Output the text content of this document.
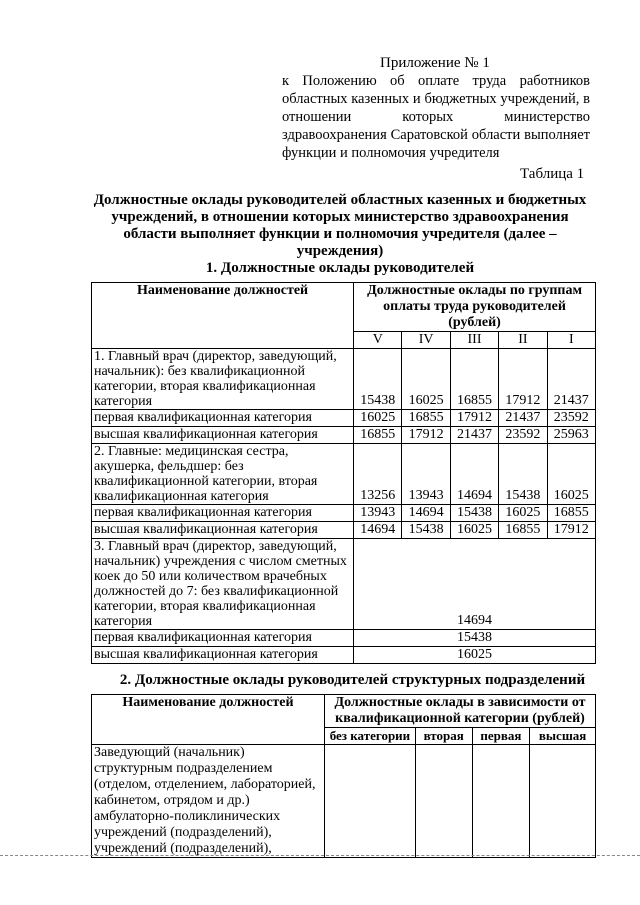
Приложение № 1
к Положению об оплате труда работников областных казенных и бюджетных учреждений, в отношении которых министерство здравоохранения Саратовской области выполняет функции и полномочия учредителя
Таблица 1
Должностные оклады руководителей областных казенных и бюджетных учреждений, в отношении которых министерство здравоохранения области выполняет функции и полномочия учредителя (далее – учреждения)
1. Должностные оклады руководителей
Наименование должностей	Должностные оклады по группам оплаты труда руководителей (рублей)				
	V	IV	III	II	I
1. Главный врач (директор, заведующий, начальник): без квалификационной категории, вторая квалификационная категория	15438	16025	16855	17912	21437
первая квалификационная категория	16025	16855	17912	21437	23592
высшая квалификационная категория	16855	17912	21437	23592	25963
2. Главные: медицинская сестра, акушерка, фельдшер: без квалификационной категории, вторая квалификационная категория	13256	13943	14694	15438	16025
первая квалификационная категория	13943	14694	15438	16025	16855
высшая квалификационная категория	14694	15438	16025	16855	17912
3. Главный врач (директор, заведующий, начальник) учреждения с числом сметных коек до 50 или количеством врачебных должностей до 7: без квалификационной категории, вторая квалификационная категория	14694				
первая квалификационная категория	15438				
высшая квалификационная категория	16025				
2. Должностные оклады руководителей структурных подразделений
Наименование должностей	Должностные оклады в зависимости от квалификационной категории (рублей)			
	без категории	вторая	первая	высшая
Заведующий (начальник) структурным подразделением (отделом, отделением, лабораторией, кабинетом, отрядом и др.) амбулаторно-поликлинических учреждений (подразделений), учреждений (подразделений),				
